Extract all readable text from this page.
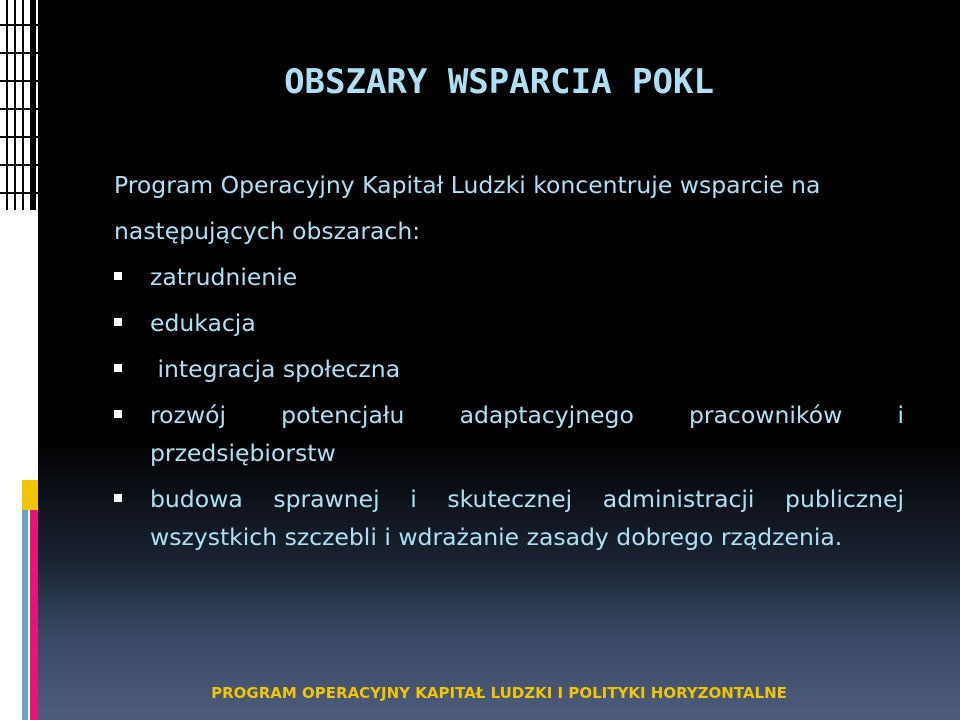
OBSZARY WSPARCIA POKL
Program Operacyjny Kapitał Ludzki koncentruje wsparcie na następujących obszarach:
zatrudnienie
edukacja
integracja społeczna
rozwój potencjału adaptacyjnego pracowników i przedsiębiorstw
budowa sprawnej i skutecznej administracji publicznej wszystkich szczebli i wdrażanie zasady dobrego rządzenia.
PROGRAM OPERACYJNY KAPITAŁ LUDZKI I POLITYKI HORYZONTALNE
